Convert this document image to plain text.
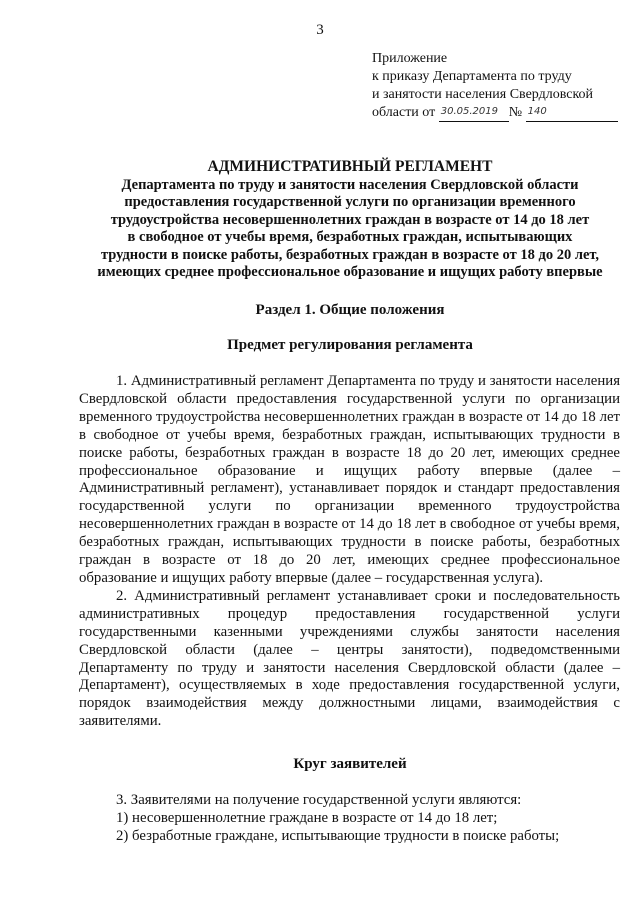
3
Приложение
к приказу Департамента по труду
и занятости населения Свердловской
области от 30.05.2019 № 140
АДМИНИСТРАТИВНЫЙ РЕГЛАМЕНТ
Департамента по труду и занятости населения Свердловской области
предоставления государственной услуги по организации временного
трудоустройства несовершеннолетних граждан в возрасте от 14 до 18 лет
в свободное от учебы время, безработных граждан, испытывающих
трудности в поиске работы, безработных граждан в возрасте от 18 до 20 лет,
имеющих среднее профессиональное образование и ищущих работу впервые
Раздел 1. Общие положения
Предмет регулирования регламента

1. Административный регламент Департамента по труду и занятости населения Свердловской области предоставления государственной услуги по организации временного трудоустройства несовершеннолетних граждан в возрасте от 14 до 18 лет в свободное от учебы время, безработных граждан, испытывающих трудности в поиске работы, безработных граждан в возрасте 18 до 20 лет, имеющих среднее профессиональное образование и ищущих работу впервые (далее – Административный регламент), устанавливает порядок и стандарт предоставления государственной услуги по организации временного трудоустройства несовершеннолетних граждан в возрасте от 14 до 18 лет в свободное от учебы время, безработных граждан, испытывающих трудности в поиске работы, безработных граждан в возрасте от 18 до 20 лет, имеющих среднее профессиональное образование и ищущих работу впервые (далее – государственная услуга).

2. Административный регламент устанавливает сроки и последовательность административных процедур предоставления государственной услуги государственными казенными учреждениями службы занятости населения Свердловской области (далее – центры занятости), подведомственными Департаменту по труду и занятости населения Свердловской области (далее – Департамент), осуществляемых в ходе предоставления государственной услуги, порядок взаимодействия между должностными лицами, взаимодействия с заявителями.

Круг заявителей
3. Заявителями на получение государственной услуги являются:
1) несовершеннолетние граждане в возрасте от 14 до 18 лет;
2) безработные граждане, испытывающие трудности в поиске работы;
